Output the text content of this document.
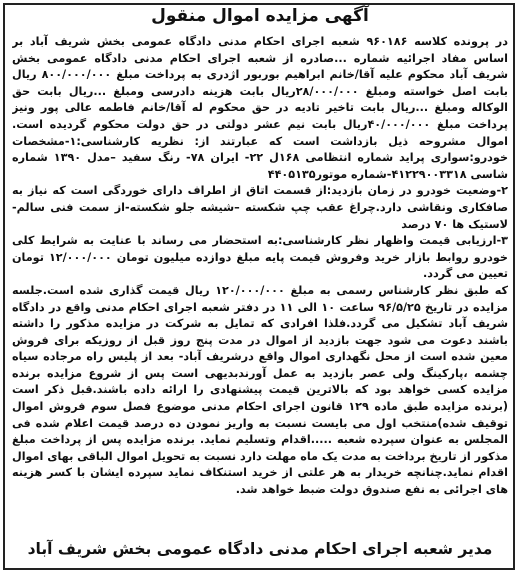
آگهی مزایده اموال منقول

در پرونده کلاسه ۹۶۰۱۸۶ شعبه اجرای احکام مدنی دادگاه عمومی بخش شریف آباد بر اساس مفاد اجرائیه شماره ...صادره از شعبه اجرای احکام مدنی دادگاه عمومی بخش شریف آباد محکوم علیه آقا/خانم ابراهیم بوربور اژدری به پرداخت مبلغ ۸۰۰/۰۰۰/۰۰۰ ریال بابت اصل خواسته ومبلغ ۲۸/۰۰۰/۰۰۰ریال بابت هزینه دادرسی ومبلغ ...ریال بابت حق الوکاله ومبلغ ...ریال بابت تاخیر تادیه در حق محکوم له آقا/خانم فاطمه عالی پور ونیز پرداخت مبلغ ۴۰/۰۰۰/۰۰۰ریال بابت نیم عشر دولتی در حق دولت محکوم گردیده است. اموال مشروحه ذیل بازداشت است که عبارتند از: نظریه کارشناسی:۱-مشخصات خودرو:سواری پراید شماره انتظامی ۱۶۸ل ۲۲- ایران ۷۸- رنگ سفید –مدل ۱۳۹۰ شماره شاسی ۴۱۲۲۹۰۰۳۳۱۸-شماره موتور۴۴۰۵۱۳۵

۲-وضعیت خودرو در زمان بازدید:از قسمت اتاق از اطراف دارای خوردگی است که نیاز به صافکاری ونقاشی دارد.چراغ عقب چپ شکسته –شیشه جلو شکسته-از سمت فنی سالم-لاستیک ها ۷۰ درصد

۳-ارزیابی قیمت واظهار نظر کارشناسی:به استحضار می رساند با عنایت به شرایط کلی خودرو روابط بازار خرید وفروش قیمت پایه مبلغ دوازده میلیون تومان ۱۲/۰۰۰/۰۰۰ تومان تعیین می گردد.

که طبق نظر کارشناس رسمی به مبلغ ۱۲۰/۰۰۰/۰۰۰ ریال قیمت گذاری شده است.جلسه مزایده در تاریخ ۹۶/۵/۲۵ ساعت ۱۰ الی ۱۱ در دفتر شعبه اجرای احکام مدنی واقع در دادگاه شریف آباد تشکیل می گردد.فلذا افرادی که تمایل به شرکت در مزایده مذکور را داشته باشند دعوت می شود جهت بازدید از اموال در مدت پنج روز قبل از روزیکه برای فروش معین شده است از محل نگهداری اموال واقع درشریف آباد- بعد از پلیس راه مرجاده سیاه چشمه ،پارکینگ ولی عصر بازدید به عمل آورندبدیهی است پس از شروع مزایده برنده مزایده کسی خواهد بود که بالاترین قیمت پیشنهادی را ارائه داده باشند.قبل ذکر است (برنده مزایده طبق ماده ۱۲۹ قانون اجرای احکام مدنی موضوع فصل سوم فروش اموال توقیف شده)منتخب اول می بایست نسبت به واریز نمودن ده درصد قیمت اعلام شده فی المجلس به عنوان سپرده شعبه .....اقدام وتسلیم نماید. برنده مزایده پس از پرداخت مبلغ مذکور از تاریخ برداخت به مدت یک ماه مهلت دارد نسبت به تحویل اموال الباقی بهای اموال اقدام نماید.چنانچه خریدار به هر علتی از خرید استنکاف نماید سپرده ایشان با کسر هزینه های اجرائی به نفع صندوق دولت ضبط خواهد شد.

مدیر شعبه اجرای احکام مدنی دادگاه عمومی بخش شریف آباد
